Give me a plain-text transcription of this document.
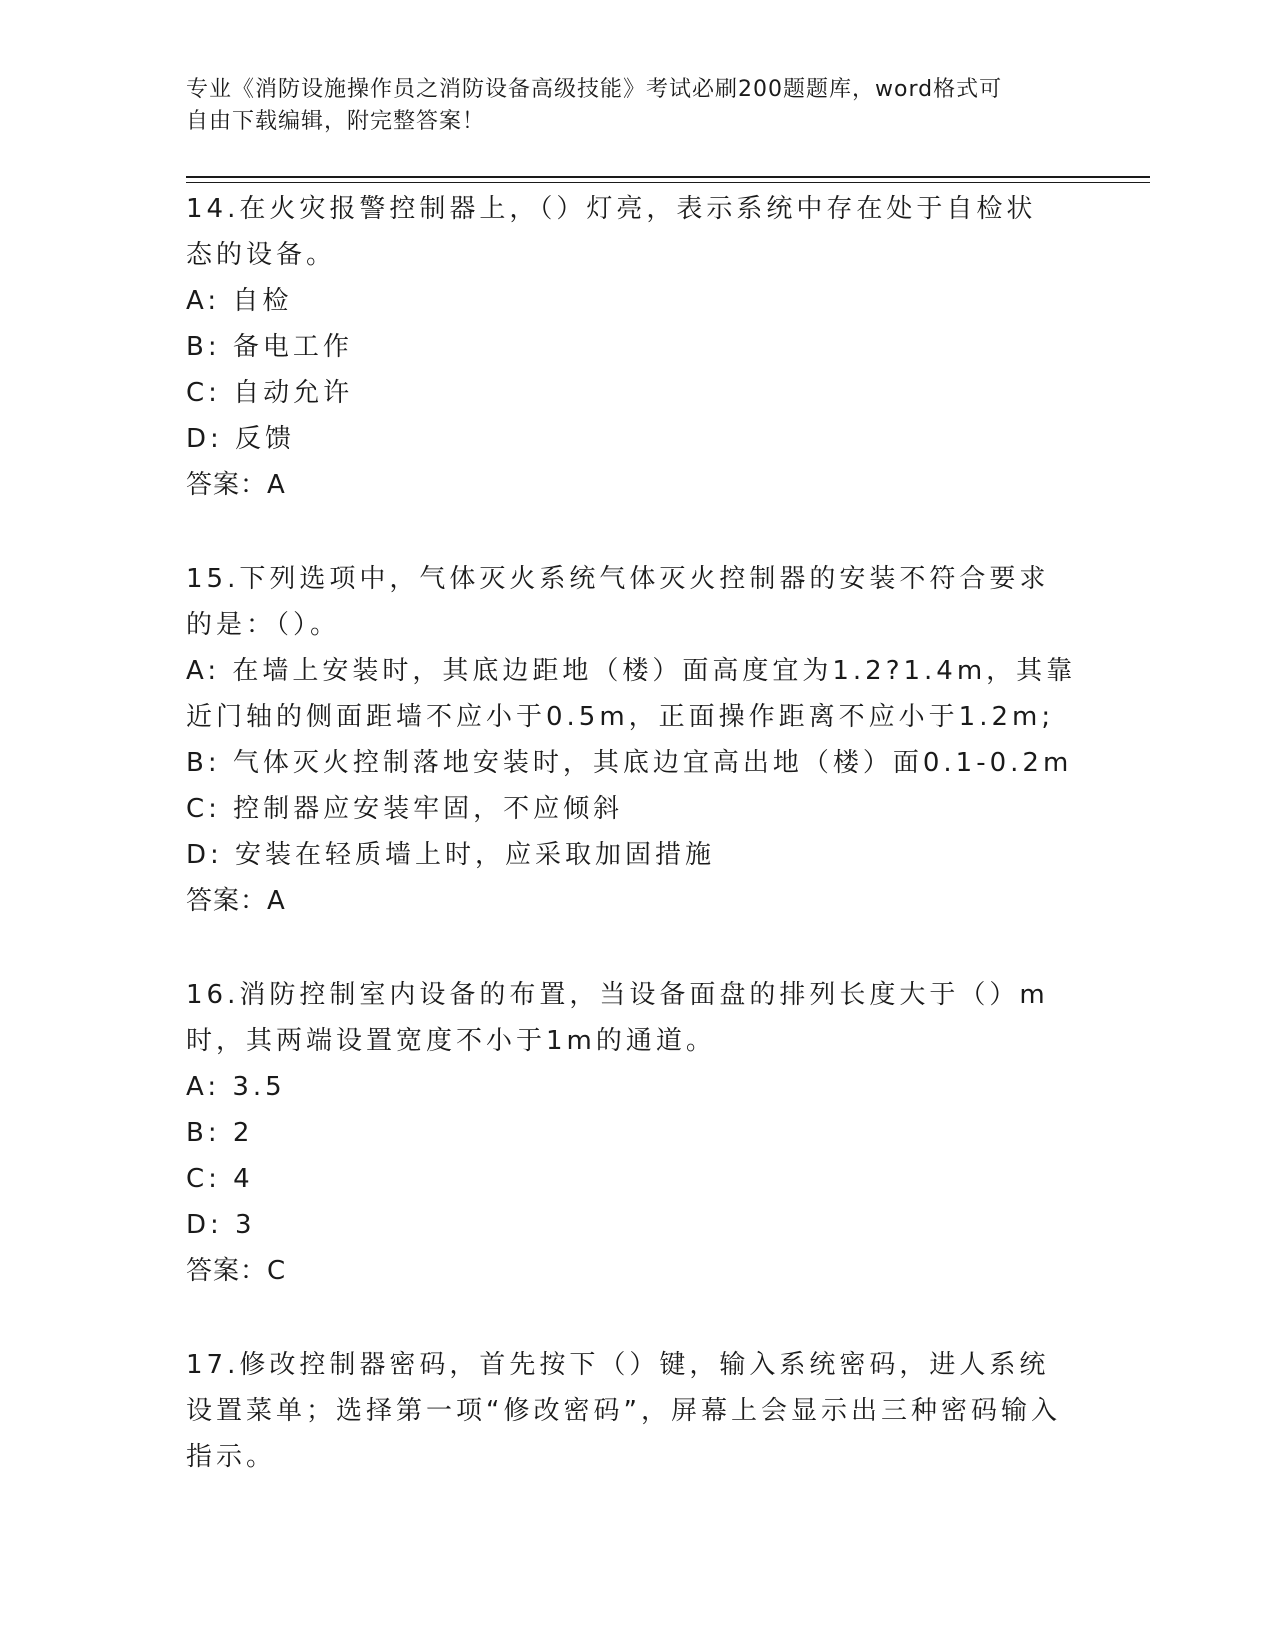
专业《消防设施操作员之消防设备高级技能》考试必刷200题题库，word格式可
自由下载编辑，附完整答案！
14.在火灾报警控制器上，（）灯亮，表示系统中存在处于自检状态的设备。
A: 自检
B: 备电工作
C: 自动允许
D: 反馈
答案：A
15.下列选项中，气体灭火系统气体灭火控制器的安装不符合要求的是：（）。
A: 在墙上安装时，其底边距地（楼）面高度宜为1.2?1.4m，其靠近门轴的侧面距墙不应小于0.5m，正面操作距离不应小于1.2m;
B: 气体灭火控制落地安装时，其底边宜高出地（楼）面0.1-0.2m
C: 控制器应安装牢固，不应倾斜
D: 安装在轻质墙上时，应采取加固措施
答案：A
16.消防控制室内设备的布置，当设备面盘的排列长度大于（）m时，其两端设置宽度不小于1m的通道。
A: 3.5
B: 2
C: 4
D: 3
答案：C
17.修改控制器密码，首先按下（）键，输入系统密码，进人系统设置菜单；选择第一项“修改密码”，屏幕上会显示出三种密码输入指示。
